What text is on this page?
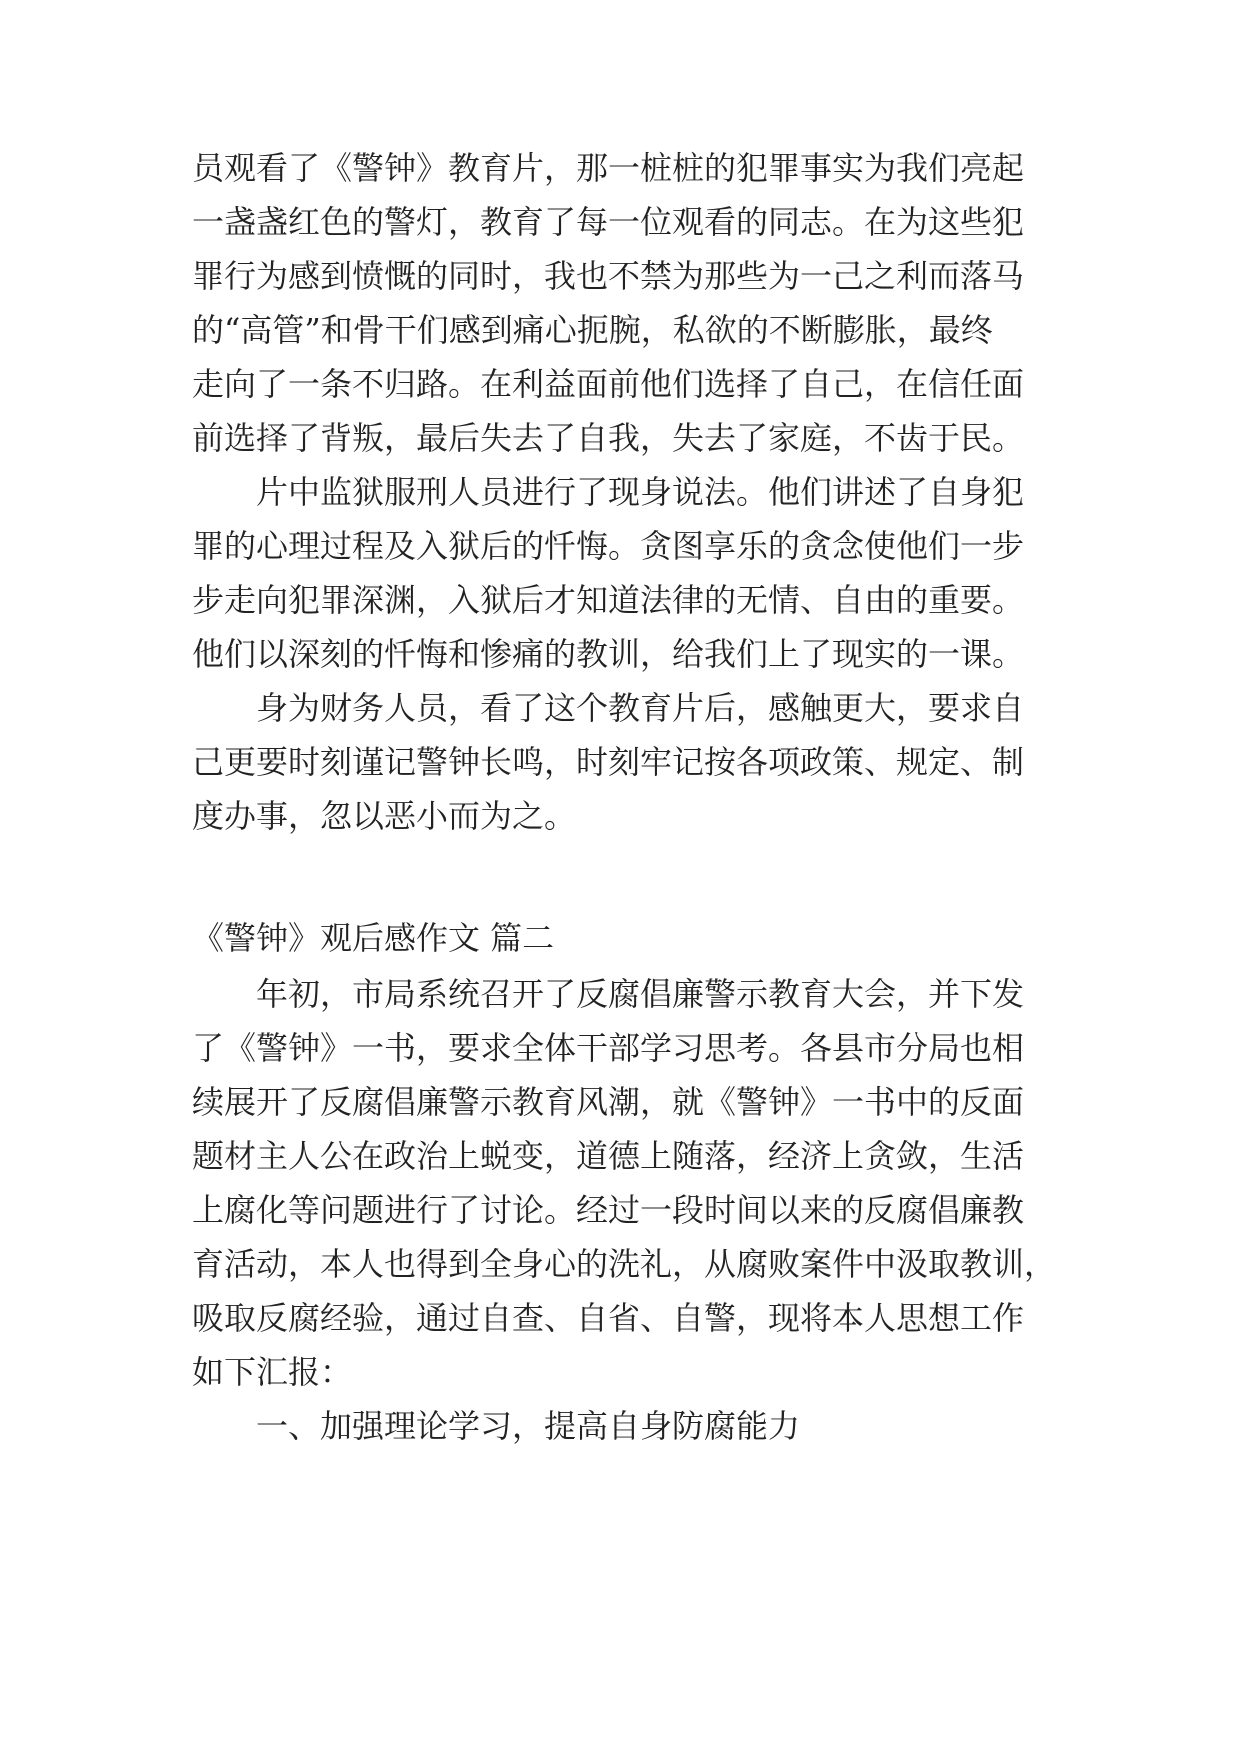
员观看了《警钟》教育片，那一桩桩的犯罪事实为我们亮起
一盏盏红色的警灯，教育了每一位观看的同志。在为这些犯
罪行为感到愤慨的同时，我也不禁为那些为一己之利而落马
的“高管”和骨干们感到痛心扼腕，私欲的不断膨胀，最终
走向了一条不归路。在利益面前他们选择了自己，在信任面
前选择了背叛，最后失去了自我，失去了家庭，不齿于民。
片中监狱服刑人员进行了现身说法。他们讲述了自身犯
罪的心理过程及入狱后的忏悔。贪图享乐的贪念使他们一步
步走向犯罪深渊，入狱后才知道法律的无情、自由的重要。
他们以深刻的忏悔和惨痛的教训，给我们上了现实的一课。
身为财务人员，看了这个教育片后，感触更大，要求自
己更要时刻谨记警钟长鸣，时刻牢记按各项政策、规定、制
度办事，忽以恶小而为之。
《警钟》观后感作文 篇二
年初，市局系统召开了反腐倡廉警示教育大会，并下发
了《警钟》一书，要求全体干部学习思考。各县市分局也相
续展开了反腐倡廉警示教育风潮，就《警钟》一书中的反面
题材主人公在政治上蜕变，道德上随落，经济上贪敛，生活
上腐化等问题进行了讨论。经过一段时间以来的反腐倡廉教
育活动，本人也得到全身心的洗礼，从腐败案件中汲取教训，
吸取反腐经验，通过自查、自省、自警，现将本人思想工作
如下汇报：
一、加强理论学习，提高自身防腐能力
